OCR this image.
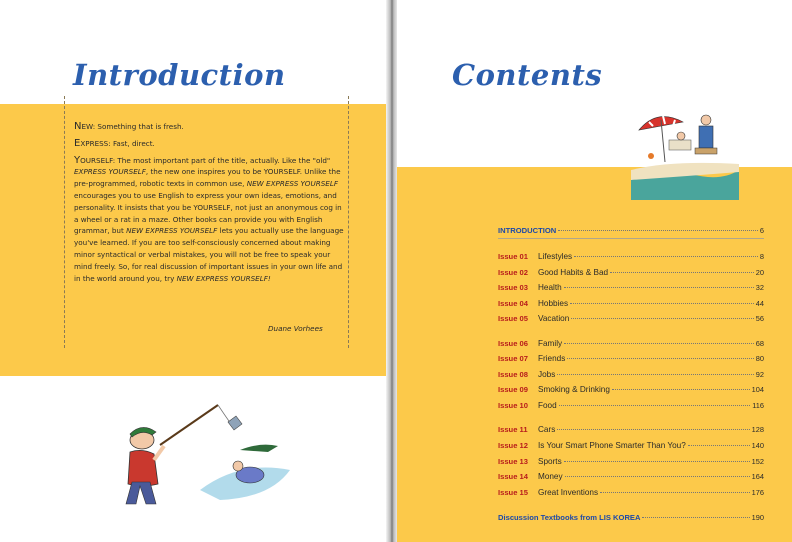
Introduction

NEW: Something that is fresh.

EXPRESS: Fast, direct.

YOURSELF: The most important part of the title, actually. Like the "old" EXPRESS YOURSELF, the new one inspires you to be YOURSELF. Unlike the pre-programmed, robotic texts in common use, NEW EXPRESS YOURSELF encourages you to use English to express your own ideas, emotions, and personality. It insists that you be YOURSELF, not just an anonymous cog in a wheel or a rat in a maze. Other books can provide you with English grammar, but NEW EXPRESS YOURSELF lets you actually use the language you've learned. If you are too self-consciously concerned about making minor syntactical or verbal mistakes, you will not be free to speak your mind freely. So, for real discussion of important issues in your own life and in the world around you, try NEW EXPRESS YOURSELF!

Duane Vorhees
Contents
INTRODUCTION	6
Issue 01	Lifestyles	8
Issue 02	Good Habits & Bad	20
Issue 03	Health	32
Issue 04	Hobbies	44
Issue 05	Vacation	56
Issue 06	Family	68
Issue 07	Friends	80
Issue 08	Jobs	92
Issue 09	Smoking & Drinking	104
Issue 10	Food	116
Issue 11	Cars	128
Issue 12	Is Your Smart Phone Smarter Than You?	140
Issue 13	Sports	152
Issue 14	Money	164
Issue 15	Great Inventions	176
Discussion Textbooks from LIS KOREA	190
